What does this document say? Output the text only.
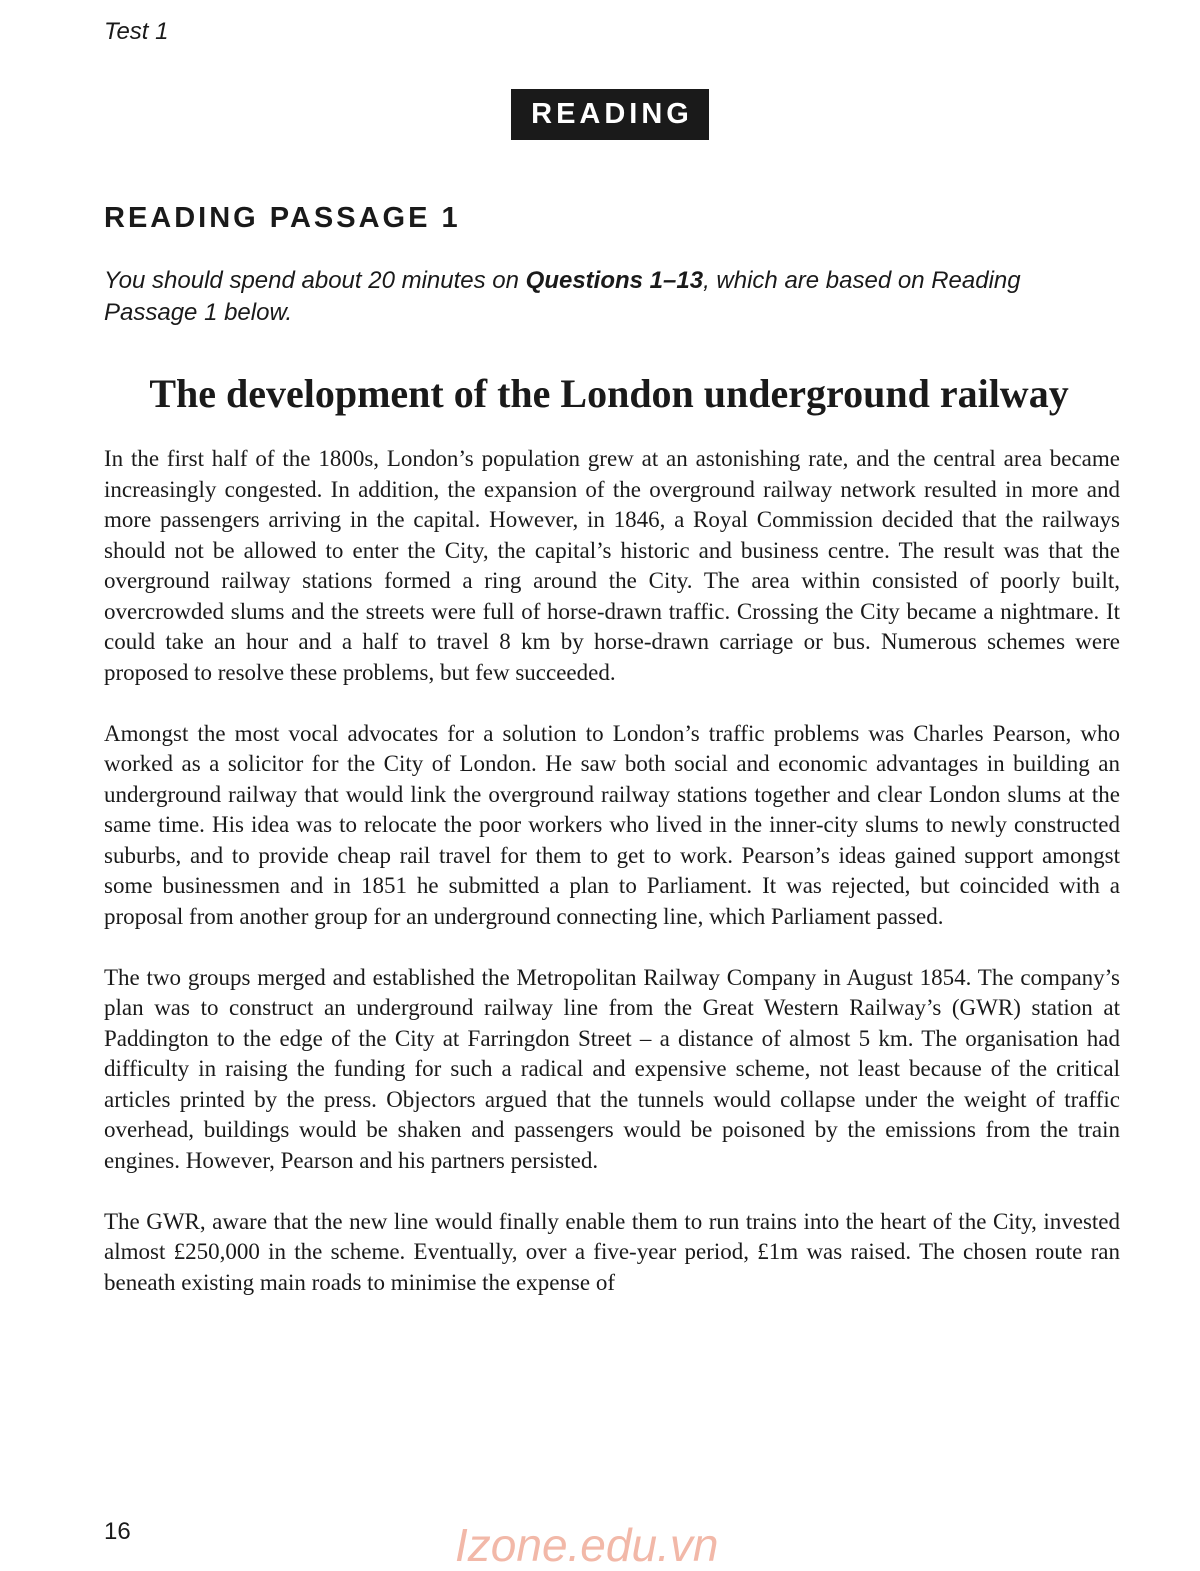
Test 1
READING
READING PASSAGE 1
You should spend about 20 minutes on Questions 1–13, which are based on Reading Passage 1 below.
The development of the London underground railway

In the first half of the 1800s, London’s population grew at an astonishing rate, and the central area became increasingly congested. In addition, the expansion of the overground railway network resulted in more and more passengers arriving in the capital. However, in 1846, a Royal Commission decided that the railways should not be allowed to enter the City, the capital’s historic and business centre. The result was that the overground railway stations formed a ring around the City. The area within consisted of poorly built, overcrowded slums and the streets were full of horse-drawn traffic. Crossing the City became a nightmare. It could take an hour and a half to travel 8 km by horse-drawn carriage or bus. Numerous schemes were proposed to resolve these problems, but few succeeded.

Amongst the most vocal advocates for a solution to London’s traffic problems was Charles Pearson, who worked as a solicitor for the City of London. He saw both social and economic advantages in building an underground railway that would link the overground railway stations together and clear London slums at the same time. His idea was to relocate the poor workers who lived in the inner-city slums to newly constructed suburbs, and to provide cheap rail travel for them to get to work. Pearson’s ideas gained support amongst some businessmen and in 1851 he submitted a plan to Parliament. It was rejected, but coincided with a proposal from another group for an underground connecting line, which Parliament passed.

The two groups merged and established the Metropolitan Railway Company in August 1854. The company’s plan was to construct an underground railway line from the Great Western Railway’s (GWR) station at Paddington to the edge of the City at Farringdon Street – a distance of almost 5 km. The organisation had difficulty in raising the funding for such a radical and expensive scheme, not least because of the critical articles printed by the press. Objectors argued that the tunnels would collapse under the weight of traffic overhead, buildings would be shaken and passengers would be poisoned by the emissions from the train engines. However, Pearson and his partners persisted.

The GWR, aware that the new line would finally enable them to run trains into the heart of the City, invested almost £250,000 in the scheme. Eventually, over a five-year period, £1m was raised. The chosen route ran beneath existing main roads to minimise the expense of

16	Izone.edu.vn
